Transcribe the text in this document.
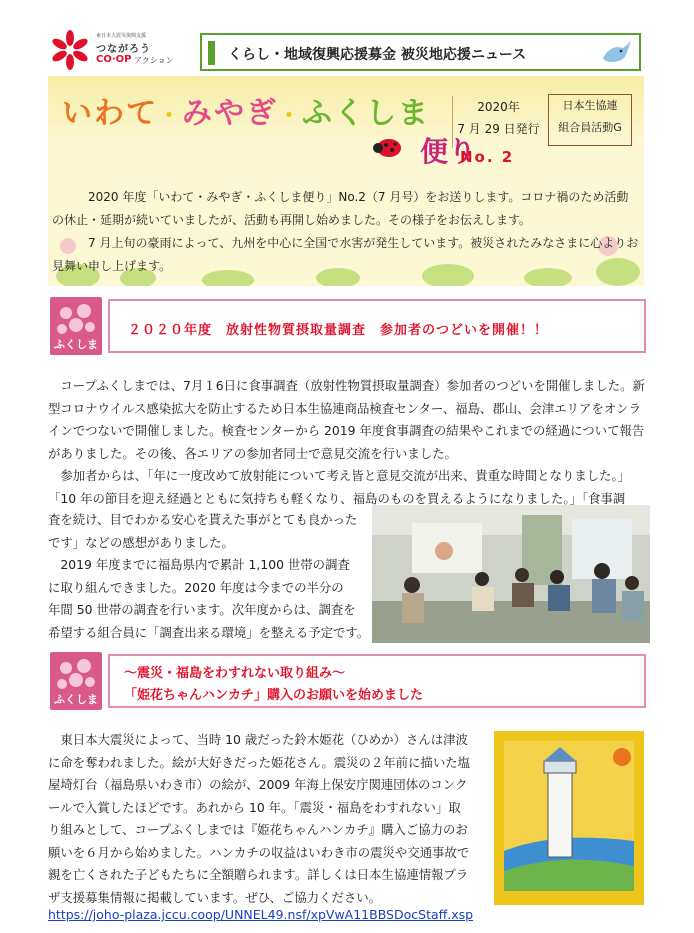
東日本大震災復興支援
つながろう
CO·OP アクション	くらし・地域復興応援募金 被災地応援ニュース
いわて・みやぎ・ふくしま
便り
2020年
7 月 29 日発行
日本生協連
組合員活動G
No. 2

2020 年度「いわて・みやぎ・ふくしま便り」No.2（7 月号）をお送りします。コロナ禍のため活動の休止・延期が続いていましたが、活動も再開し始めました。その様子をお伝えします。

7 月上旬の豪雨によって、九州を中心に全国で水害が発生しています。被災されたみなさまに心よりお見舞い申し上げます。

ふくしま
２０２０年度　放射性物質摂取量調査　参加者のつどいを開催！！

コープふくしまでは、7月１6日に食事調査（放射性物質摂取量調査）参加者のつどいを開催しました。新型コロナウイルス感染拡大を防止するため日本生協連商品検査センター、福島、郡山、会津エリアをオンラインでつないで開催しました。検査センターから 2019 年度食事調査の結果やこれまでの経過について報告がありました。その後、各エリアの参加者同士で意見交流を行いました。

参加者からは、「年に一度改めて放射能について考え皆と意見交流が出来、貴重な時間となりました。」「10 年の節目を迎え経過とともに気持ちも軽くなり、福島のものを買えるようになりました。」「食事調

査を続け、目でわかる安心を貰えた事がとても良かった
です」などの感想がありました。
　2019 年度までに福島県内で累計 1,100 世帯の調査
に取り組んできました。2020 年度は今までの半分の
年間 50 世帯の調査を行います。次年度からは、調査を
希望する組合員に「調査出来る環境」を整える予定です。
ふくしま
～震災・福島をわすれない取り組み～
「姫花ちゃんハンカチ」購入のお願いを始めました
　東日本大震災によって、当時 10 歳だった鈴木姫花（ひめか）さんは津波
に命を奪われました。絵が大好きだった姫花さん。震災の２年前に描いた塩
屋埼灯台（福島県いわき市）の絵が、2009 年海上保安庁関連団体のコンク
ールで入賞したほどです。あれから 10 年。「震災・福島をわすれない」取
り組みとして、コープふくしまでは『姫花ちゃんハンカチ』購入ご協力のお
願いを６月から始めました。ハンカチの収益はいわき市の震災や交通事故で
親を亡くされた子どもたちに全額贈られます。詳しくは日本生協連情報プラ
ザ支援募集情報に掲載しています。ぜひ、ご協力ください。
https://joho-plaza.jccu.coop/UNNEL49.nsf/xpVwA11BBSDocStaff.xsp
